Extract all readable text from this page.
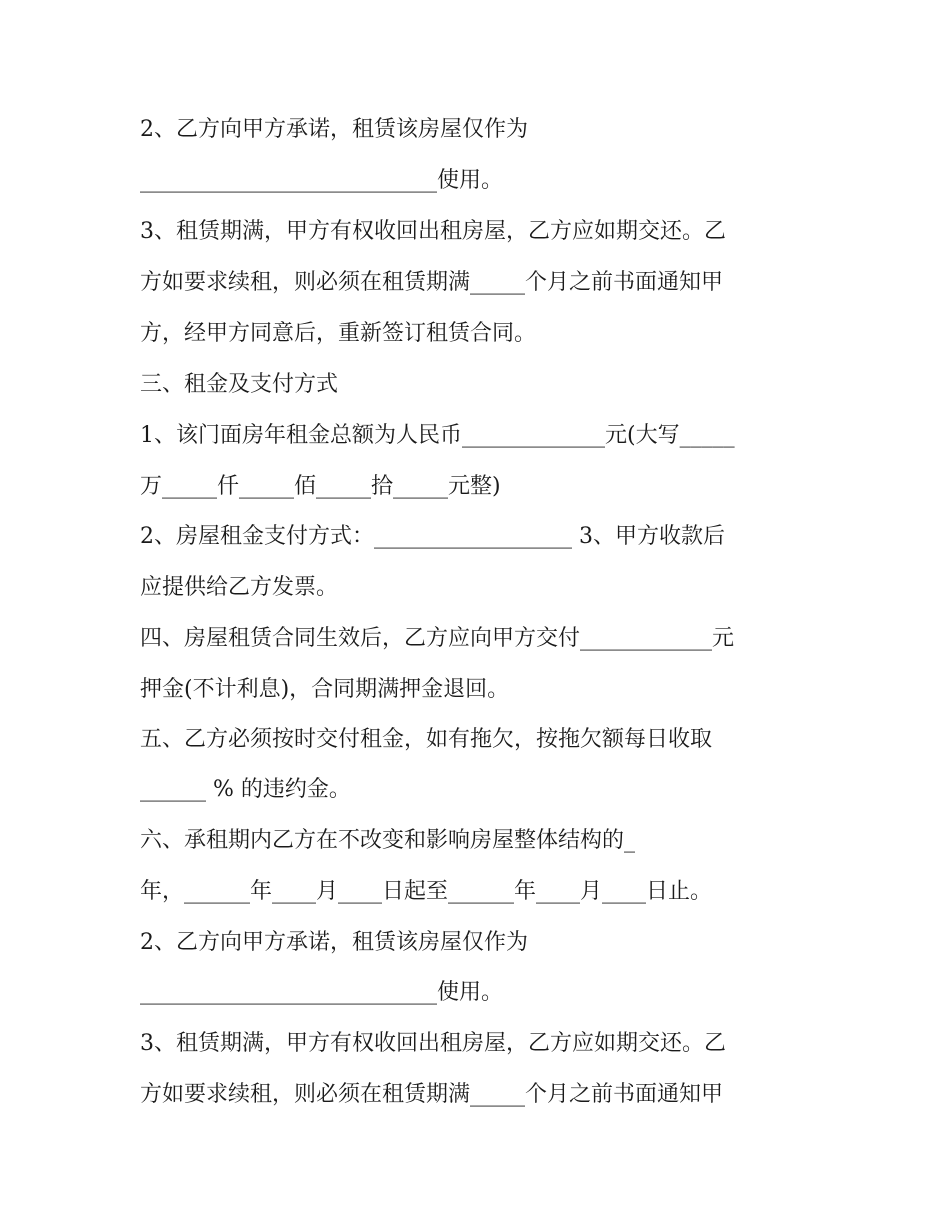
2、乙方向甲方承诺，租赁该房屋仅作为
___________________________使用。
3、租赁期满，甲方有权收回出租房屋，乙方应如期交还。乙
方如要求续租，则必须在租赁期满_____个月之前书面通知甲
方，经甲方同意后，重新签订租赁合同。
三、租金及支付方式
1、该门面房年租金总额为人民币_____________元(大写_____
万_____仟_____佰_____拾_____元整)
2、房屋租金支付方式：__________________ 3、甲方收款后
应提供给乙方发票。
四、房屋租赁合同生效后，乙方应向甲方交付____________元
押金(不计利息)，合同期满押金退回。
五、乙方必须按时交付租金，如有拖欠，按拖欠额每日收取
______ % 的违约金。
六、承租期内乙方在不改变和影响房屋整体结构的_
年，______年____月____日起至______年____月____日止。
2、乙方向甲方承诺，租赁该房屋仅作为
___________________________使用。
3、租赁期满，甲方有权收回出租房屋，乙方应如期交还。乙
方如要求续租，则必须在租赁期满_____个月之前书面通知甲
